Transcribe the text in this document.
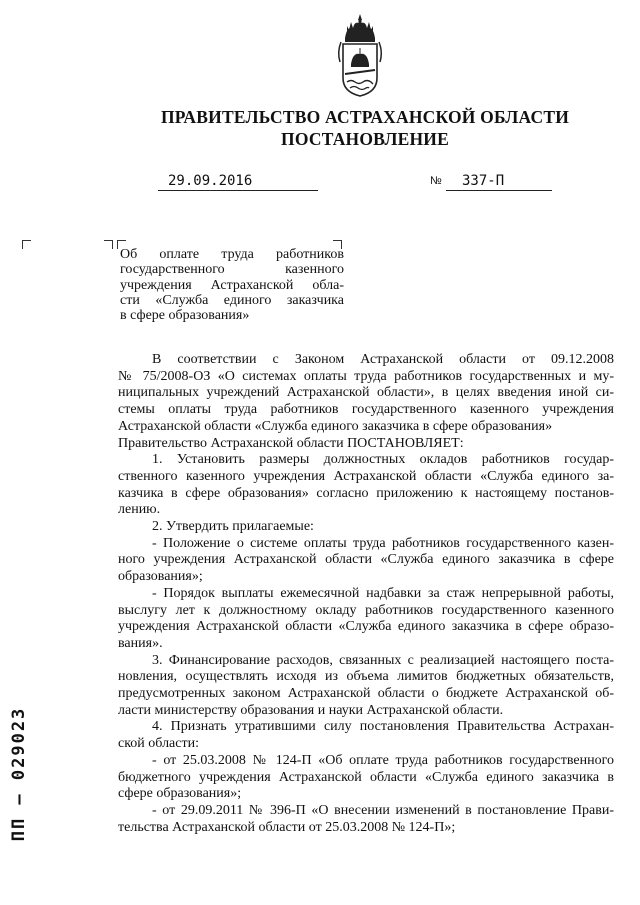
ПРАВИТЕЛЬСТВО АСТРАХАНСКОЙ ОБЛАСТИ
ПОСТАНОВЛЕНИЕ
29.09.2016	№	337-П
Об оплате труда работников
государственного казенного
учреждения Астраханской обла-
сти «Служба единого заказчика
в сфере образования»

В соответствии с Законом Астраханской области от 09.12.2008
№ 75/2008-ОЗ «О системах оплаты труда работников государственных и му-
ниципальных учреждений Астраханской области», в целях введения иной си-
стемы оплаты труда работников государственного казенного учреждения
Астраханской области «Служба единого заказчика в сфере образования»
Правительство Астраханской области ПОСТАНОВЛЯЕТ:

1. Установить размеры должностных окладов работников государ-
ственного казенного учреждения Астраханской области «Служба единого за-
казчика в сфере образования» согласно приложению к настоящему постанов-
лению.

2. Утвердить прилагаемые:

- Положение о системе оплаты труда работников государственного казен-
ного учреждения Астраханской области «Служба единого заказчика в сфере
образования»;

- Порядок выплаты ежемесячной надбавки за стаж непрерывной работы,
выслугу лет к должностному окладу работников государственного казенного
учреждения Астраханской области «Служба единого заказчика в сфере образо-
вания».

3. Финансирование расходов, связанных с реализацией настоящего поста-
новления, осуществлять исходя из объема лимитов бюджетных обязательств,
предусмотренных законом Астраханской области о бюджете Астраханской об-
ласти министерству образования и науки Астраханской области.

4. Признать утратившими силу постановления Правительства Астрахан-
ской области:

- от 25.03.2008 № 124-П «Об оплате труда работников государственного
бюджетного учреждения Астраханской области «Служба единого заказчика в
сфере образования»;

- от 29.09.2011 № 396-П «О внесении изменений в постановление Прави-
тельства Астраханской области от 25.03.2008 № 124-П»;

ПП – 029023
